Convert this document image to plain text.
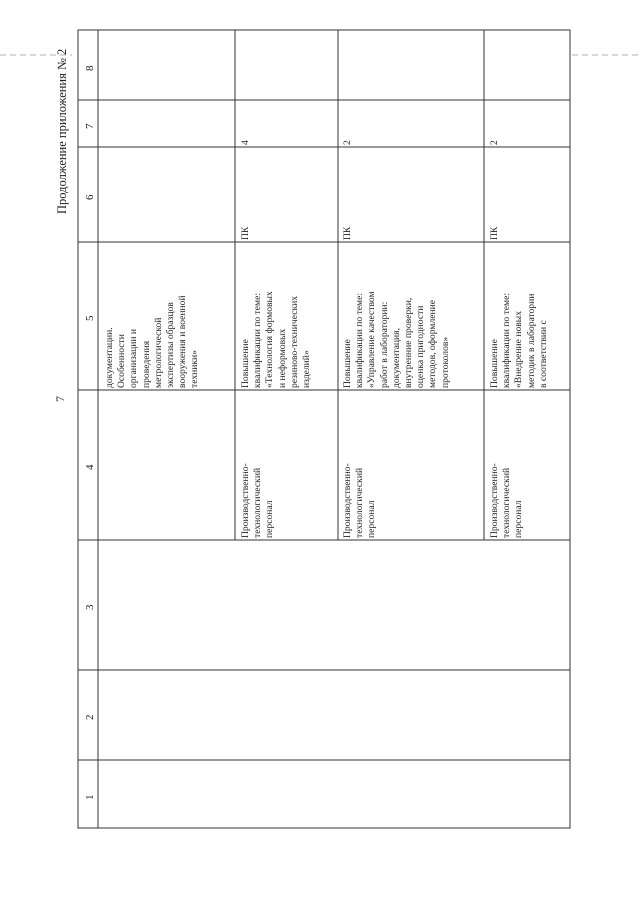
7
Продолжение приложения № 2 8
7
6
5
4
3
2
1
документации.
Особенности
организации и
проведения
метрологической
экспертизы образцов
вооружения и военной
техники»
Производственно-
технологический
персонал
Повышение
квалификации по теме:
«Технология формовых
и неформовых
резиново-технических
изделий»
ПК
4
Производственно-
технологический
персонал
Повышение
квалификации по теме:
«Управление качеством
работ в лаборатории:
документация,
внутренние проверки,
оценка пригодности
методов, оформление
протоколов»
ПК
2
Производственно-
технологический
персонал
Повышение
квалификации по теме:
«Внедрение новых
методик в лаборатории
в соответствии с
ПК
2
